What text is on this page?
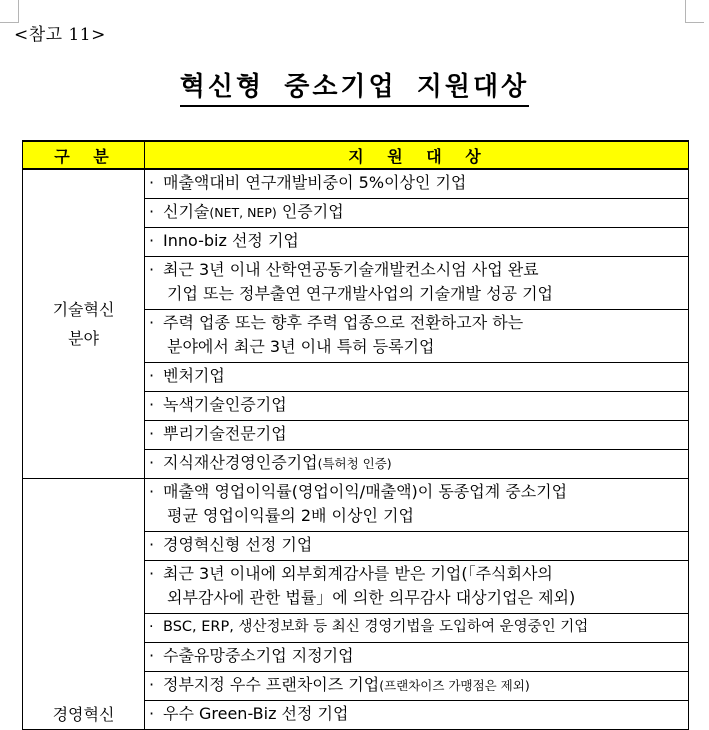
<참고 11>
혁신형 중소기업 지원대상
구 분	지 원 대 상

기술혁신
분야	· 매출액대비 연구개발비중이 5%이상인 기업
	· 신기술(NET, NEP) 인증기업
	· Inno-biz 선정 기업

	· 최근 3년 이내 산학연공동기술개발컨소시엄 사업 완료
기업 또는 정부출연 연구개발사업의 기술개발 성공 기업

	· 주력 업종 또는 향후 주력 업종으로 전환하고자 하는
분야에서 최근 3년 이내 특허 등록기업

	· 벤처기업
	· 녹색기술인증기업
	· 뿌리기술전문기업
	· 지식재산경영인증기업(특허청 인증)

경영혁신	· 매출액 영업이익률(영업이익/매출액)이 동종업계 중소기업
평균 영업이익률의 2배 이상인 기업

	· 경영혁신형 선정 기업

	· 최근 3년 이내에 외부회계감사를 받은 기업(「주식회사의
외부감사에 관한 법률」에 의한 의무감사 대상기업은 제외)

	· BSC, ERP, 생산정보화 등 최신 경영기법을 도입하여 운영중인 기업
	· 수출유망중소기업 지정기업
	· 정부지정 우수 프랜차이즈 기업(프랜차이즈 가맹점은 제외)
	· 우수 Green-Biz 선정 기업
